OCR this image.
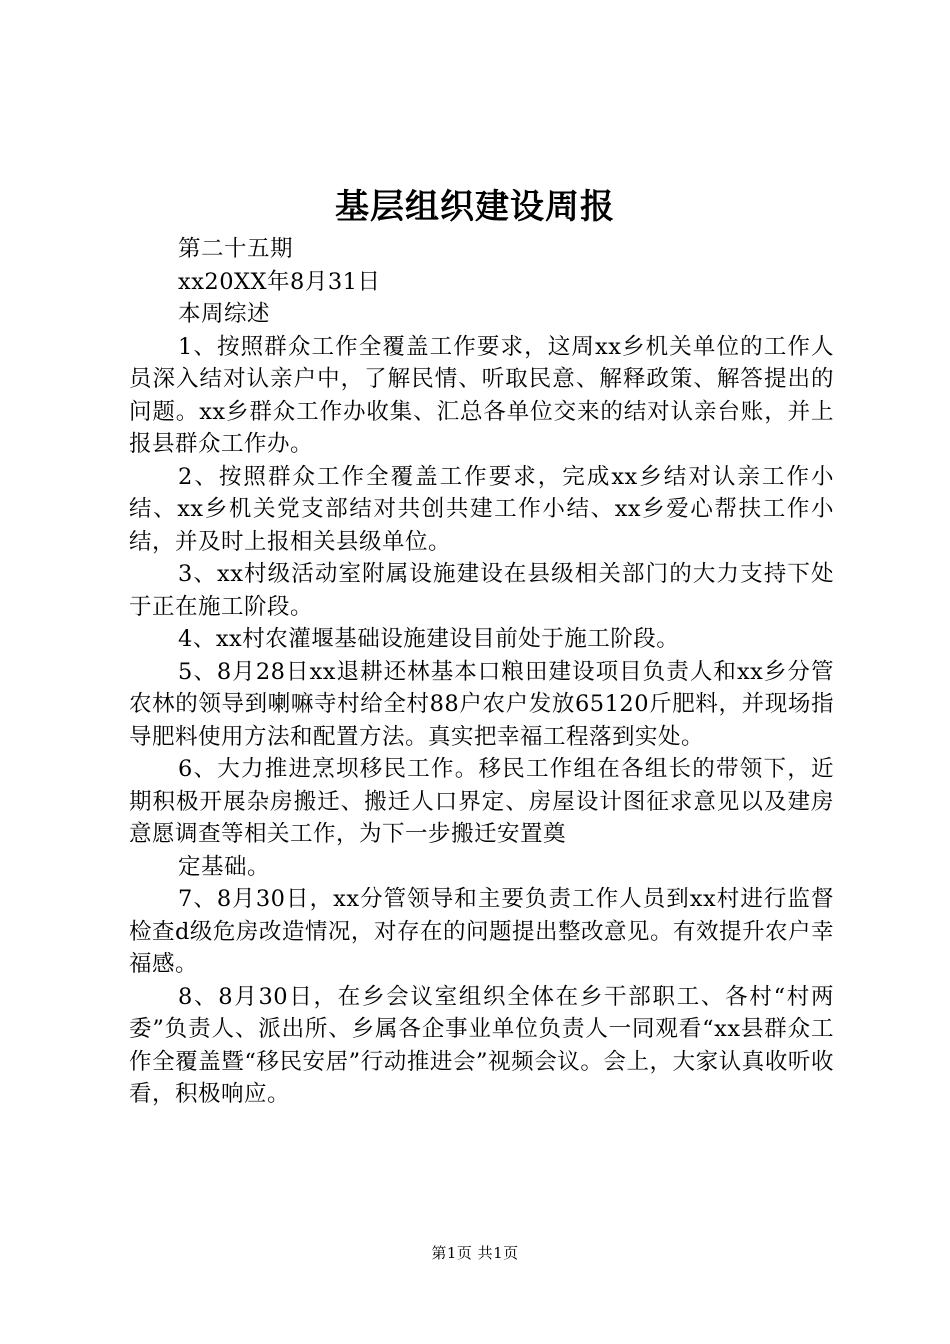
基层组织建设周报

第二十五期

xx20XX年8月31日

本周综述

1、按照群众工作全覆盖工作要求，这周xx乡机关单位的工作人员深入结对认亲户中，了解民情、听取民意、解释政策、解答提出的问题。xx乡群众工作办收集、汇总各单位交来的结对认亲台账，并上报县群众工作办。

2、按照群众工作全覆盖工作要求，完成xx乡结对认亲工作小结、xx乡机关党支部结对共创共建工作小结、xx乡爱心帮扶工作小结，并及时上报相关县级单位。

3、xx村级活动室附属设施建设在县级相关部门的大力支持下处于正在施工阶段。

4、xx村农灌堰基础设施建设目前处于施工阶段。

5、8月28日xx退耕还林基本口粮田建设项目负责人和xx乡分管农林的领导到喇嘛寺村给全村88户农户发放65120斤肥料，并现场指导肥料使用方法和配置方法。真实把幸福工程落到实处。

6、大力推进烹坝移民工作。移民工作组在各组长的带领下，近期积极开展杂房搬迁、搬迁人口界定、房屋设计图征求意见以及建房意愿调查等相关工作，为下一步搬迁安置奠

定基础。

7、8月30日，xx分管领导和主要负责工作人员到xx村进行监督检查d级危房改造情况，对存在的问题提出整改意见。有效提升农户幸福感。

8、8月30日，在乡会议室组织全体在乡干部职工、各村“村两委”负责人、派出所、乡属各企事业单位负责人一同观看“xx县群众工作全覆盖暨“移民安居”行动推进会”视频会议。会上，大家认真收听收看，积极响应。

第1页 共1页
